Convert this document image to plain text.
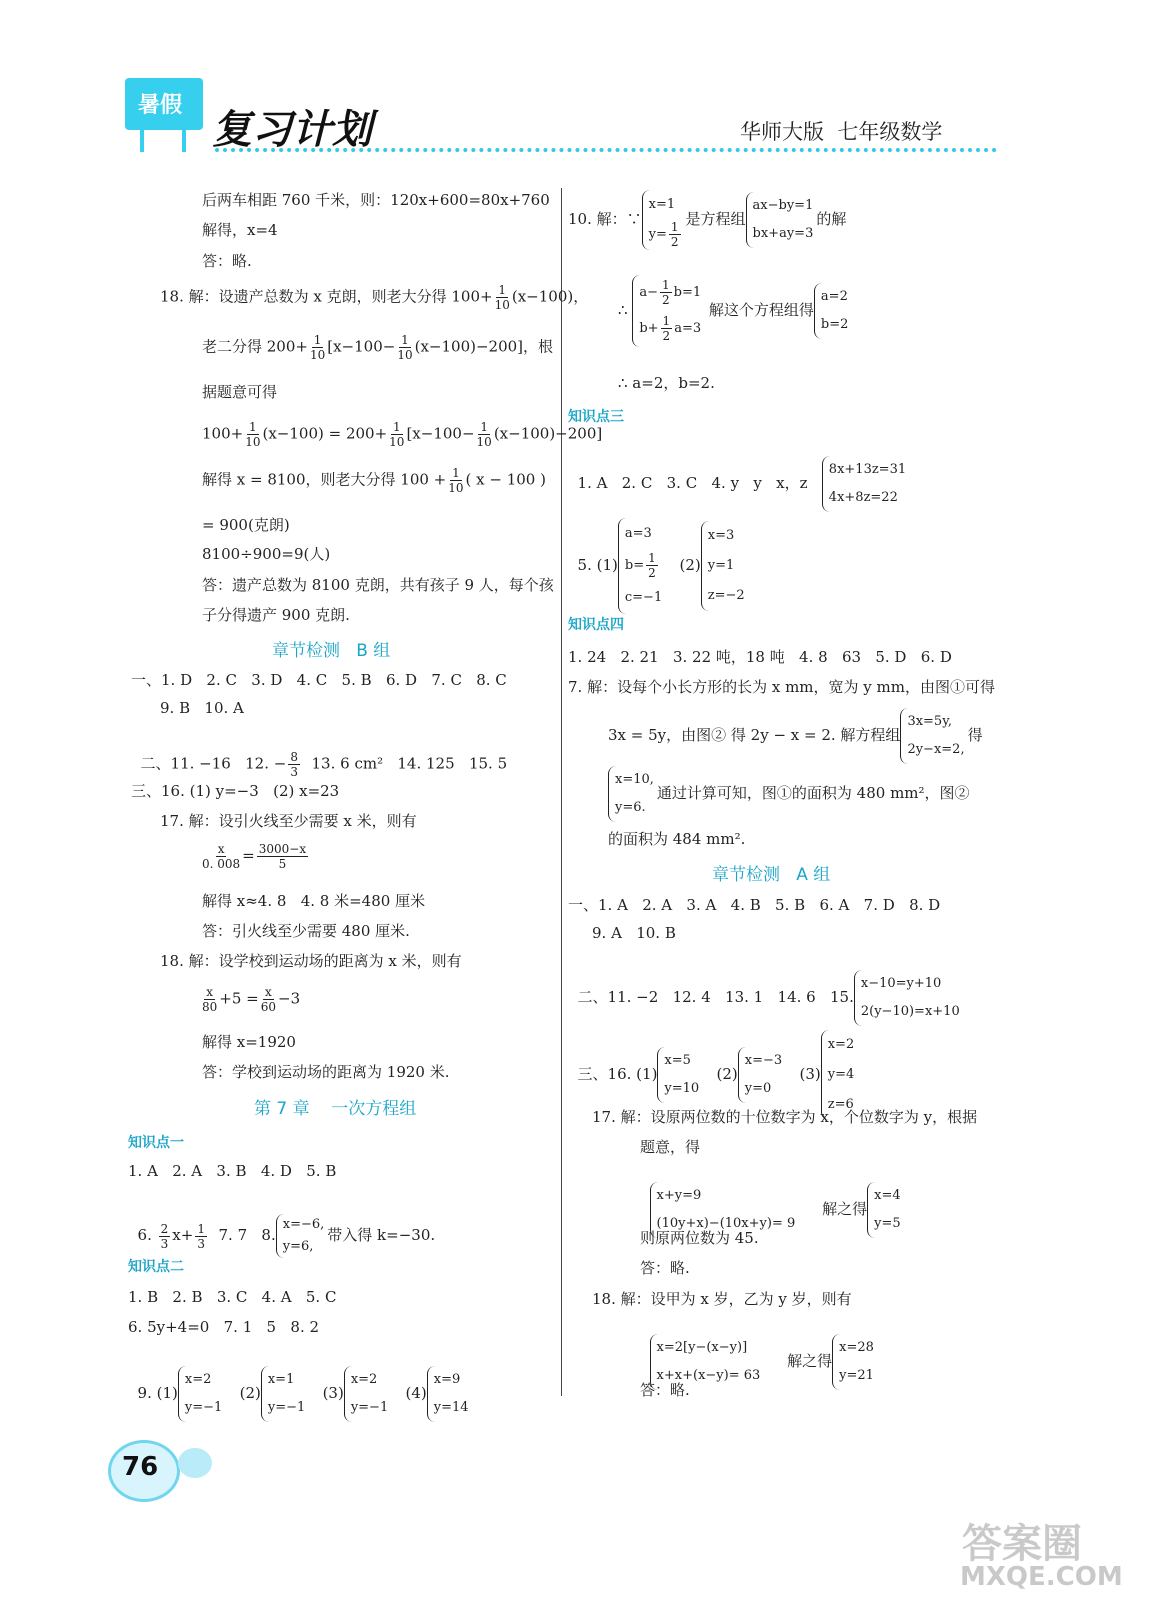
暑假
复习计划	华师大版  七年级数学
后两车相距 760 千米，则：120x+600=80x+760
解得，x=4
答：略.
18. 解：设遗产总数为 x 克朗，则老大分得 $100+ \frac{1}{10} (x-100)$，
老二分得 $200+ \frac{1}{10} [x-100- \frac{1}{10} (x-100)-200]$，根
据题意可得
$100+ \frac{1}{10} (x-100) = 200+ \frac{1}{10} [x-100- \frac{1}{10} (x-100)-200]$
解得 x = 8100，则老大分得 $100 + \frac{1}{10}$ ( x − 100 )
= 900(克朗)
8100÷900=9(人)
答：遗产总数为 8100 克朗，共有孩子 9 人，每个孩
子分得遗产 900 克朗.
章节检测   B 组
一、1. D   2. C   3. D   4. C   5. B   6. D   7. C   8. C
9. B   10. A

二、11. −16   12. − $\frac{8}{3} 13$. 6 cm²   14. 125   15. 5

三、16. (1) y=−3   (2) x=23
17. 解：设引火线至少需要 x 米，则有
$\frac{x}{0. 008} = \frac{3000-x}{5}$
解得 x≈4. 8   4. 8 米=480 厘米
答：引火线至少需要 480 厘米.
18. 解：设学校到运动场的距离为 x 米，则有
$\frac{x}{80} +5 = \frac{x}{60} -3$
解得 x=1920
答：学校到运动场的距离为 1920 米.
第 7 章    一次方程组
知识点一
1. A   2. A   3. B   4. D   5. B

6. $\frac{2}{3} x+ \frac{1}{3} 7$. 7   8.
x=−6,
y=6,
带入得 k=−30.

知识点二
1. B   2. B   3. C   4. A   5. C
6. 5y+4=0   7. 1   5   8. 2

9. (1)
x=2
y=−1
(2)
x=1
y=−1
(3)
x=2
y=−1
(4)
x=9
y=14

10. 解：∵
x=1
$y= \frac{1}{2}$
是方程组
ax−by=1
bx+ay=3
的解
∴
$a- \frac{1}{2} b=1$
$b+ \frac{1}{2} a=3$
解这个方程组得
a=2
b=2
∴ a=2，b=2.
知识点三

1. A   2. C   3. C   4. y   y   x，z
8x+13z=31
4x+8z=22

5. (1)
a=3
$b= \frac{1}{2}$
c=−1
(2)
x=3
y=1
z=−2

知识点四
1. 24   2. 21   3. 22 吨，18 吨   4. 8   63   5. D   6. D
7. 解：设每个小长方形的长为 x mm，宽为 y mm，由图①可得
3x = 5y，由图② 得 2y − x = 2. 解方程组
3x=5y,
2y−x=2,
得
x=10,
y=6.
通过计算可知，图①的面积为 480 mm²，图②
的面积为 484 mm².
章节检测   A 组
一、1. A   2. A   3. A   4. B   5. B   6. A   7. D   8. D
9. A   10. B

二、11. −2   12. 4   13. 1   14. 6   15.
x−10=y+10
2(y−10)=x+10

三、16. (1)
x=5
y=10
(2)
x=−3
y=0
(3)
x=2
y=4
z=6

17. 解：设原两位数的十位数字为 x，个位数字为 y，根据
题意，得

x+y=9
(10y+x)−(10x+y)= 9
解之得
x=4
y=5

则原两位数为 45.
答：略.
18. 解：设甲为 x 岁，乙为 y 岁，则有

x=2[y−(x−y)]
x+x+(x−y)= 63
解之得
x=28
y=21

答：略.
76
答案圈
MXQE.COM
